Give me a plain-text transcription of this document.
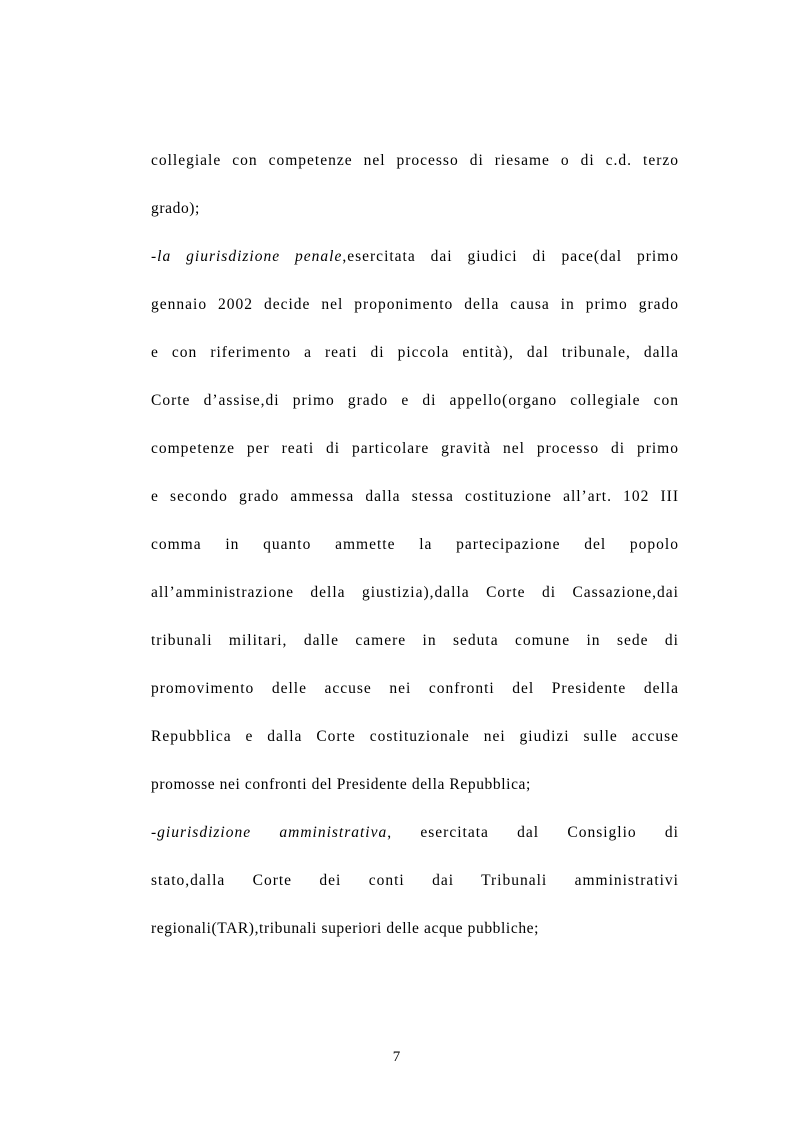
collegiale con competenze nel processo di riesame o di c.d. terzo
grado);
-la giurisdizione penale,esercitata dai giudici di pace(dal primo
gennaio 2002 decide nel proponimento della causa in primo grado
e con riferimento a reati di piccola entità), dal tribunale, dalla
Corte d’assise,di primo grado e di appello(organo collegiale con
competenze per reati di particolare gravità nel processo di primo
e secondo grado ammessa dalla stessa costituzione all’art. 102 III
comma in quanto ammette la partecipazione del popolo
all’amministrazione della giustizia),dalla Corte di Cassazione,dai
tribunali militari, dalle camere in seduta comune in sede di
promovimento delle accuse nei confronti del Presidente della
Repubblica e dalla Corte costituzionale nei giudizi sulle accuse
promosse nei confronti del Presidente della Repubblica;
-giurisdizione amministrativa, esercitata dal Consiglio di
stato,dalla Corte dei conti dai Tribunali amministrativi
regionali(TAR),tribunali superiori delle acque pubbliche;
7
